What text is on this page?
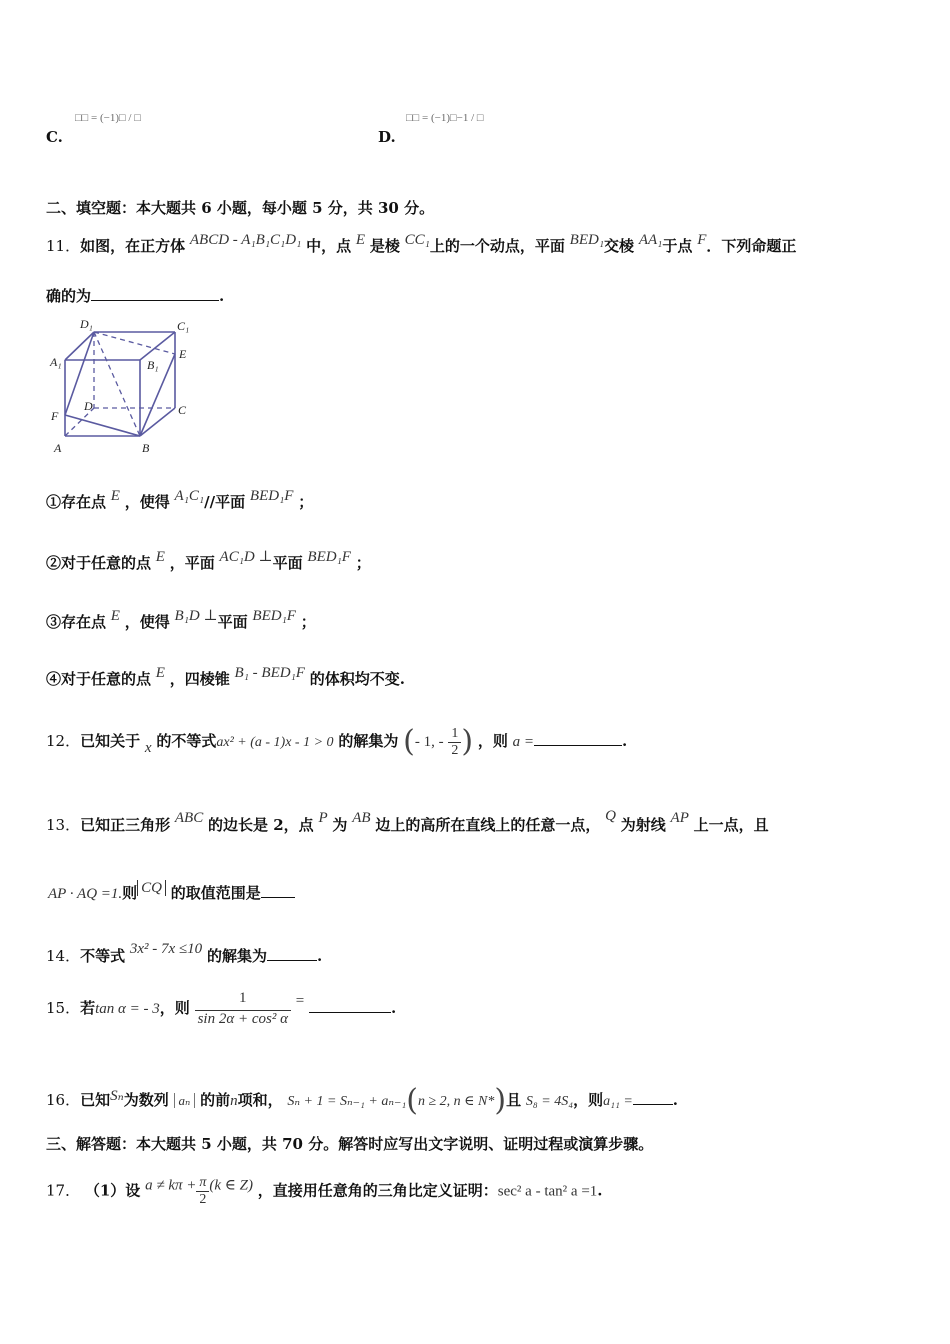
C.
□□ = (−1)□ / □
D.
□□ = (−1)□−1 / □
二、填空题：本大题共 6 小题，每小题 5 分，共 30 分。
11．如图，在正方体 ABCD - A₁B₁C₁D₁ 中，点 E 是棱 CC₁上的一个动点，平面 BED₁交棱 AA₁于点 F．下列命题正
确的为	.
D₁	C₁
A₁	B₁
E
F
D	C
A	B
①存在点 E ，使得 A₁C₁//平面 BED₁F ；
②对于任意的点 E ，平面 AC₁D ⊥平面 BED₁F ；
③存在点 E ，使得 B₁D ⊥平面 BED₁F ；
④对于任意的点 E ，四棱锥 B₁ - BED₁F 的体积均不变.
12．已知关于 x 的不等式ax² + (a - 1)x - 1 > 0 的解集为 (- 1, - $\frac{1}{2}$ ) ，则 a =	.
13．已知正三角形 ABC 的边长是 2，点 P 为 AB 边上的高所在直线上的任意一点， Q 为射线 AP 上一点，且
AP · AQ =1.则 CQ 的取值范围是
14．不等式 3x² - 7x ≤10 的解集为	.
15．若tan α = - 3，则 $\frac{1}{\text{sin 2α + cos² α}}$ =	.
16．已知Sₙ为数列 aₙ 的前n项和， Sₙ + 1 = Sₙ₋₁ + aₙ₋₁(n ≥ 2, n ∈ N*)且 S₈ = 4S₄，则a₁₁ =	.
三、解答题：本大题共 5 小题，共 70 分。解答时应写出文字说明、证明过程或演算步骤。
17． （1）设 $a \ne k\pi + \frac{\pi}{2} (k$ ∈ Z) ，直接用任意角的三角比定义证明：sec² a - tan² a =1.
